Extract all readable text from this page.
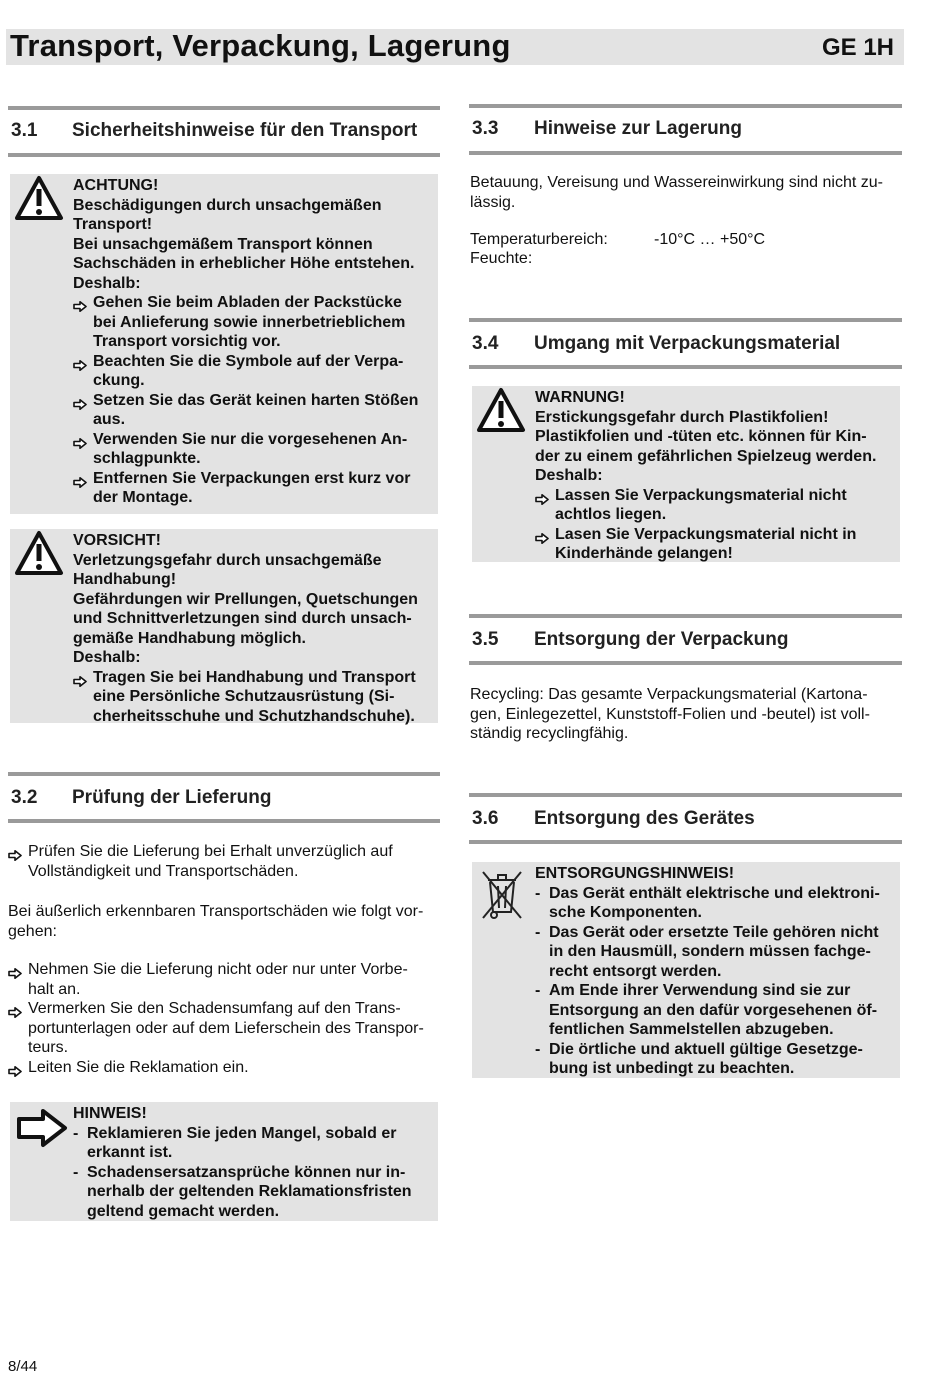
Transport, Verpackung, Lagerung	GE 1H
3.1 Sicherheitshinweise für den Transport
ACHTUNG!
Beschädigungen durch unsachgemäßen
Transport!
Bei unsachgemäßem Transport können
Sachschäden in erheblicher Höhe entstehen.
Deshalb:
Gehen Sie beim Abladen der Packstücke
bei Anlieferung sowie innerbetrieblichem
Transport vorsichtig vor.
Beachten Sie die Symbole auf der Verpa-
ckung.
Setzen Sie das Gerät keinen harten Stößen
aus.
Verwenden Sie nur die vorgesehenen An-
schlagpunkte.
Entfernen Sie Verpackungen erst kurz vor
der Montage.
VORSICHT!
Verletzungsgefahr durch unsachgemäße
Handhabung!
Gefährdungen wir Prellungen, Quetschungen
und Schnittverletzungen sind durch unsach-
gemäße Handhabung möglich.
Deshalb:
Tragen Sie bei Handhabung und Transport
eine Persönliche Schutzausrüstung (Si-
cherheitsschuhe und Schutzhandschuhe).
3.2 Prüfung der Lieferung
Prüfen Sie die Lieferung bei Erhalt unverzüglich auf
Vollständigkeit und Transportschäden.
Bei äußerlich erkennbaren Transportschäden wie folgt vor-
gehen:
Nehmen Sie die Lieferung nicht oder nur unter Vorbe-
halt an.
Vermerken Sie den Schadensumfang auf den Trans-
portunterlagen oder auf dem Lieferschein des Transpor-
teurs.
Leiten Sie die Reklamation ein.
HINWEIS!
- Reklamieren Sie jeden Mangel, sobald er
erkannt ist.
- Schadensersatzansprüche können nur in-
nerhalb der geltenden Reklamationsfristen
geltend gemacht werden.
3.3 Hinweise zur Lagerung
Betauung, Vereisung und Wassereinwirkung sind nicht zu-
lässig.
Temperaturbereich:	-10°C … +50°C
Feuchte:
3.4 Umgang mit Verpackungsmaterial
WARNUNG!
Erstickungsgefahr durch Plastikfolien!
Plastikfolien und -tüten etc. können für Kin-
der zu einem gefährlichen Spielzeug werden.
Deshalb:
Lassen Sie Verpackungsmaterial nicht
achtlos liegen.
Lasen Sie Verpackungsmaterial nicht in
Kinderhände gelangen!
3.5 Entsorgung der Verpackung
Recycling: Das gesamte Verpackungsmaterial (Kartona-
gen, Einlegezettel, Kunststoff-Folien und -beutel) ist voll-
ständig recyclingfähig.
3.6 Entsorgung des Gerätes
ENTSORGUNGSHINWEIS!
- Das Gerät enthält elektrische und elektroni-
sche Komponenten.
- Das Gerät oder ersetzte Teile gehören nicht
in den Hausmüll, sondern müssen fachge-
recht entsorgt werden.
- Am Ende ihrer Verwendung sind sie zur
Entsorgung an den dafür vorgesehenen öf-
fentlichen Sammelstellen abzugeben.
- Die örtliche und aktuell gültige Gesetzge-
bung ist unbedingt zu beachten.
8/44
